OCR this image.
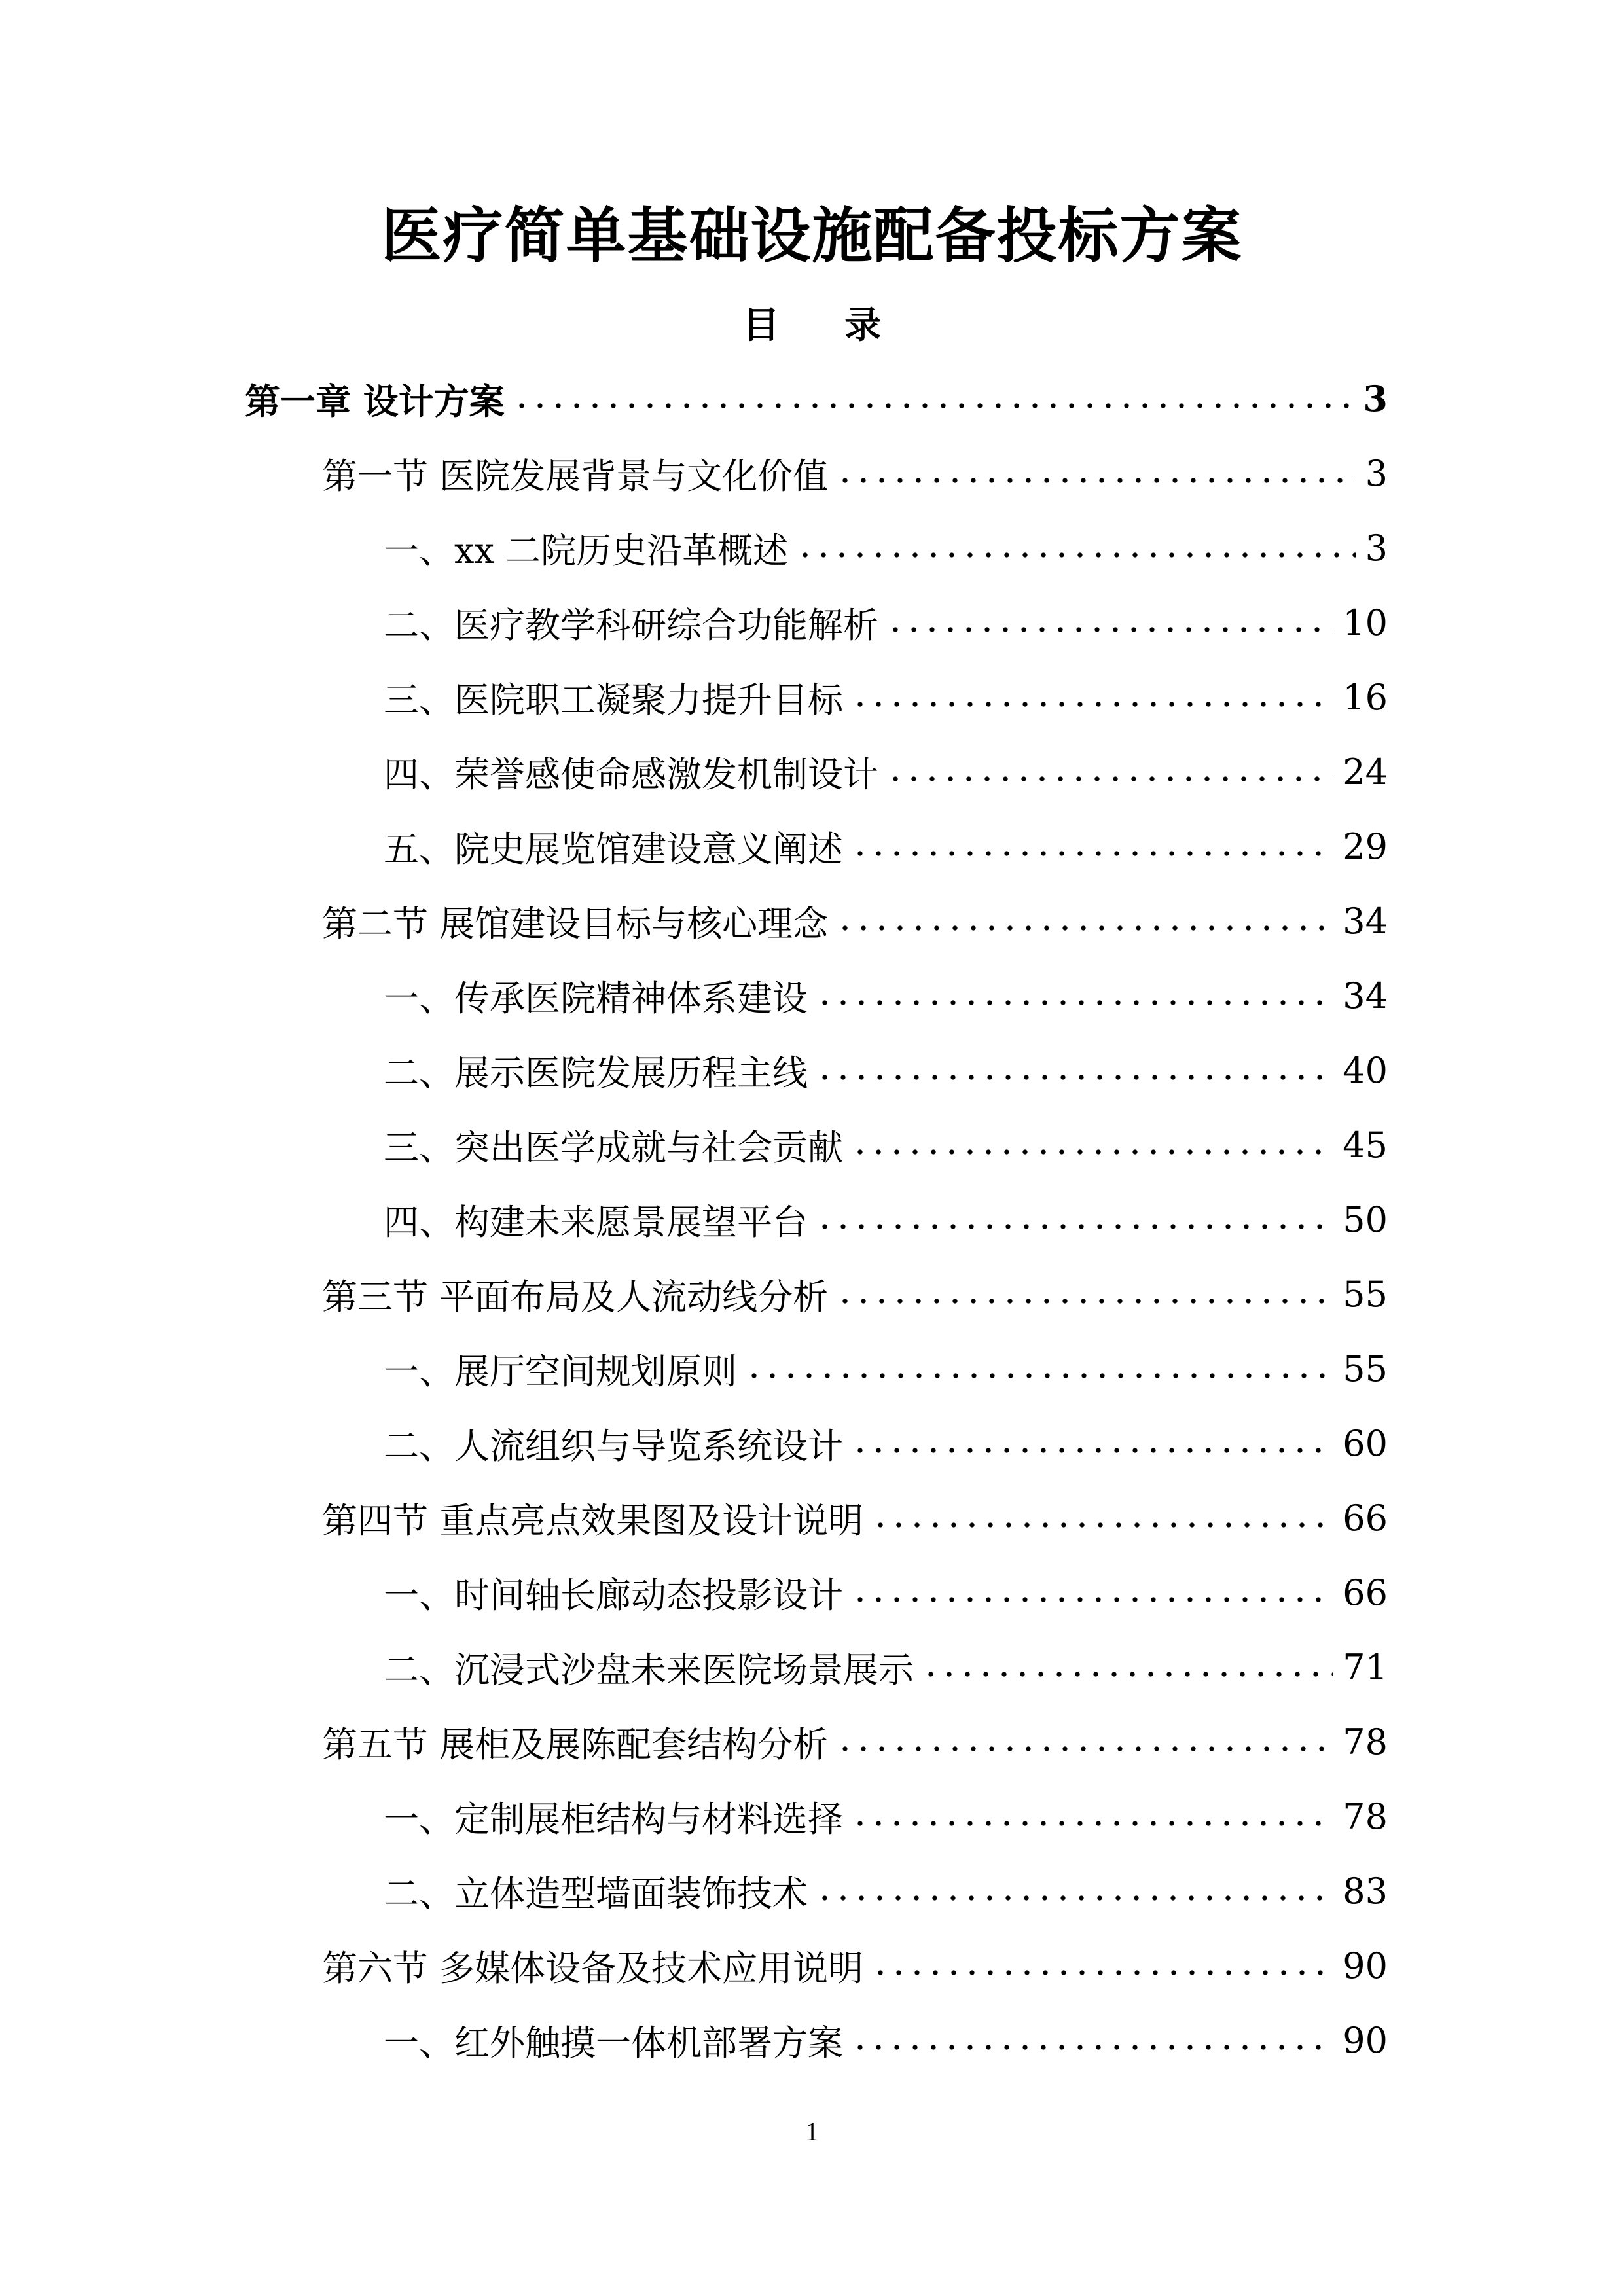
医疗简单基础设施配备投标方案
目 录
第一章 设计方案	3
第一节 医院发展背景与文化价值	3
一、xx 二院历史沿革概述	3
二、医疗教学科研综合功能解析	10
三、医院职工凝聚力提升目标	16
四、荣誉感使命感激发机制设计	24
五、院史展览馆建设意义阐述	29
第二节 展馆建设目标与核心理念	34
一、传承医院精神体系建设	34
二、展示医院发展历程主线	40
三、突出医学成就与社会贡献	45
四、构建未来愿景展望平台	50
第三节 平面布局及人流动线分析	55
一、展厅空间规划原则	55
二、人流组织与导览系统设计	60
第四节 重点亮点效果图及设计说明	66
一、时间轴长廊动态投影设计	66
二、沉浸式沙盘未来医院场景展示	71
第五节 展柜及展陈配套结构分析	78
一、定制展柜结构与材料选择	78
二、立体造型墙面装饰技术	83
第六节 多媒体设备及技术应用说明	90
一、红外触摸一体机部署方案	90
1
